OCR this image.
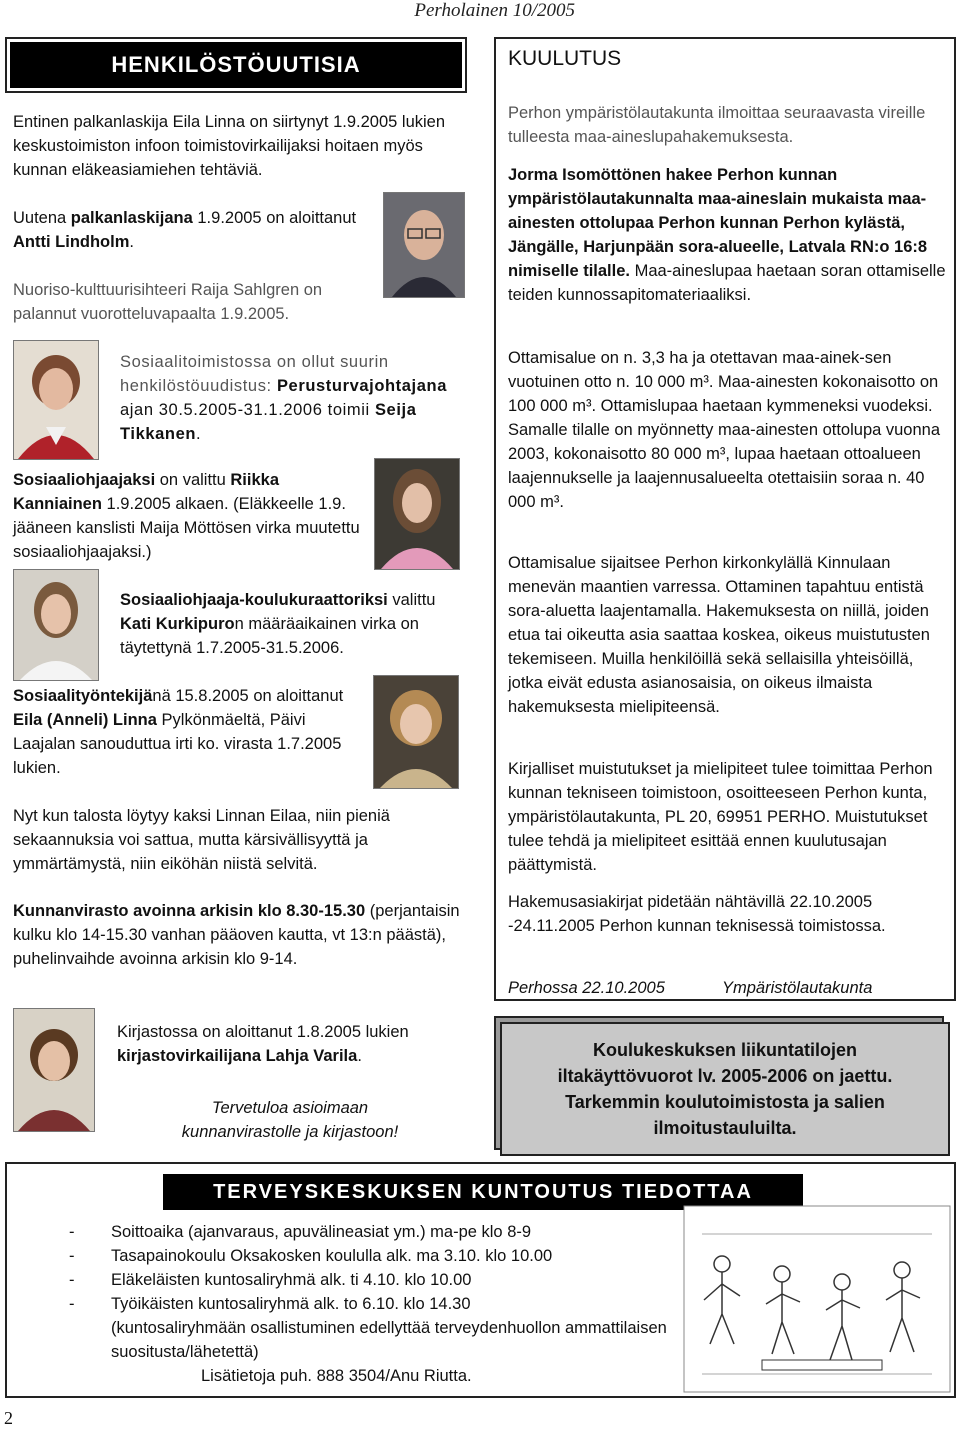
Perholainen 10/2005
HENKILÖSTÖUUTISIA
Entinen palkanlaskija Eila Linna on siirtynyt 1.9.2005 lukien keskustoimiston infoon toimistovirkailijaksi hoitaen myös kunnan eläkeasiamiehen tehtäviä.
Uutena palkanlaskijana 1.9.2005 on aloittanut Antti Lindholm.
Nuoriso-kulttuurisihteeri Raija Sahlgren on palannut vuorotteluvapaalta 1.9.2005.
Sosiaalitoimistossa on ollut suurin henkilöstöuudistus: Perusturvajohtajana ajan 30.5.2005-31.1.2006 toimii Seija Tikkanen.
Sosiaaliohjaajaksi on valittu Riikka Kanniainen 1.9.2005 alkaen. (Eläkkeelle 1.9. jääneen kanslisti Maija Möttösen virka muutettu sosiaaliohjaajaksi.)
Sosiaaliohjaaja-koulukuraattoriksi valittu Kati Kurkipuron määräaikainen virka on täytettynä 1.7.2005-31.5.2006.
Sosiaalityöntekijänä 15.8.2005 on aloittanut Eila (Anneli) Linna Pylkönmäeltä, Päivi Laajalan sanouduttua irti ko. virasta 1.7.2005 lukien.
Nyt kun talosta löytyy kaksi Linnan Eilaa, niin pieniä sekaannuksia voi sattua, mutta kärsivällisyyttä ja ymmärtämystä, niin eiköhän niistä selvitä.
Kunnanvirasto avoinna arkisin klo 8.30-15.30 (perjantaisin kulku klo 14-15.30 vanhan pääoven kautta, vt 13:n päästä), puhelinvaihde avoinna arkisin klo 9-14.
Kirjastossa on aloittanut 1.8.2005 lukien kirjastovirkailijana Lahja Varila.
Tervetuloa asioimaan kunnanvirastolle ja kirjastoon!
KUULUTUS
Perhon ympäristölautakunta ilmoittaa seuraavasta vireille tulleesta maa-aineslupahakemuksesta.
Jorma Isomöttönen hakee Perhon kunnan ympäristölautakunnalta maa-aineslain mukaista maa-ainesten ottolupaa Perhon kunnan Perhon kylästä, Jängälle, Harjunpään sora-alueelle, Latvala RN:o 16:8 nimiselle tilalle. Maa-aineslupaa haetaan soran ottamiselle teiden kunnossapitomateriaaliksi.
Ottamisalue on n. 3,3 ha ja otettavan maa-ainek-sen vuotuinen otto n. 10 000 m³. Maa-ainesten kokonaisotto on 100 000 m³. Ottamislupaa haetaan kymmeneksi vuodeksi. Samalle tilalle on myönnetty maa-ainesten ottolupa vuonna 2003, kokonaisotto 80 000 m³, lupaa haetaan ottoalueen laajennukselle ja laajennusalueelta otettaisiin soraa n. 40 000 m³.
Ottamisalue sijaitsee Perhon kirkonkylällä Kinnulaan menevän maantien varressa. Ottaminen tapahtuu entistä sora-aluetta laajentamalla. Hakemuksesta on niillä, joiden etua tai oikeutta asia saattaa koskea, oikeus muistutusten tekemiseen. Muilla henkilöillä sekä sellaisilla yhteisöillä, jotka eivät edusta asianosaisia, on oikeus ilmaista hakemuksesta mielipiteensä.
Kirjalliset muistutukset ja mielipiteet tulee toimittaa Perhon kunnan tekniseen toimistoon, osoitteeseen Perhon kunta, ympäristölautakunta, PL 20, 69951 PERHO. Muistutukset tulee tehdä ja mielipiteet esittää ennen kuulutusajan päättymistä.
Hakemusasiakirjat pidetään nähtävillä 22.10.2005 -24.11.2005 Perhon kunnan teknisessä toimistossa.
Perhossa 22.10.2005	Ympäristölautakunta
Koulukeskuksen liikuntatilojen iltakäyttövuorot lv. 2005-2006 on jaettu. Tarkemmin koulutoimistosta ja salien ilmoitustauluilta.
TERVEYSKESKUKSEN KUNTOUTUS TIEDOTTAA
- Soittoaika (ajanvaraus, apuvälineasiat ym.) ma-pe klo 8-9
- Tasapainokoulu Oksakosken koululla alk. ma 3.10. klo 10.00
- Eläkeläisten kuntosaliryhmä alk. ti 4.10. klo 10.00
- Työikäisten kuntosaliryhmä alk. to 6.10. klo 14.30
(kuntosaliryhmään osallistuminen edellyttää terveydenhuollon ammattilaisen suositusta/lähetettä)
Lisätietoja puh. 888 3504/Anu Riutta.
2
